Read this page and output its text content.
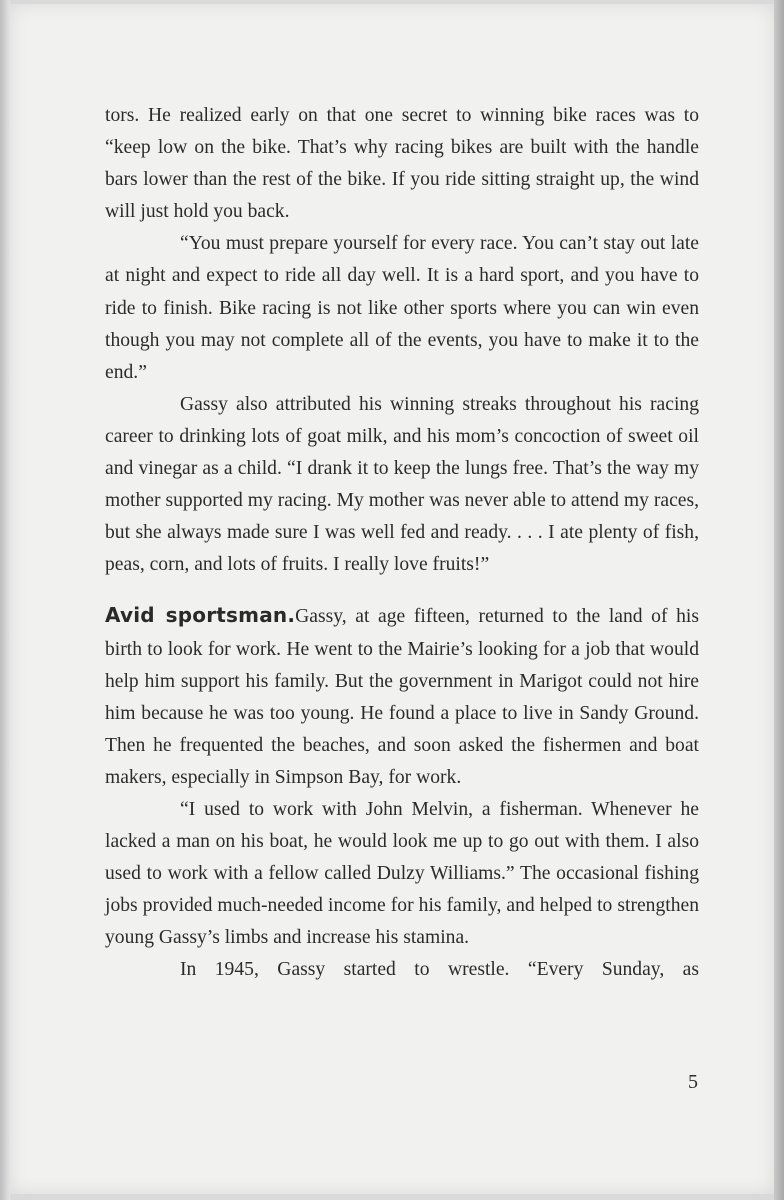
tors. He realized early on that one secret to winning bike races was to “keep low on the bike. That’s why racing bikes are built with the handle bars lower than the rest of the bike. If you ride sitting straight up, the wind will just hold you back.

“You must prepare yourself for every race. You can’t stay out late at night and expect to ride all day well. It is a hard sport, and you have to ride to finish. Bike racing is not like other sports where you can win even though you may not complete all of the events, you have to make it to the end.”

Gassy also attributed his winning streaks throughout his racing career to drinking lots of goat milk, and his mom’s concoction of sweet oil and vinegar as a child. “I drank it to keep the lungs free. That’s the way my mother supported my racing. My mother was never able to attend my races, but she always made sure I was well fed and ready. . . . I ate plenty of fish, peas, corn, and lots of fruits. I really love fruits!”

Avid sportsman.Gassy, at age fifteen, returned to the land of his birth to look for work. He went to the Mairie’s looking for a job that would help him support his family. But the government in Marigot could not hire him because he was too young. He found a place to live in Sandy Ground. Then he frequented the beaches, and soon asked the fishermen and boat makers, especially in Simpson Bay, for work.

“I used to work with John Melvin, a fisherman. Whenever he lacked a man on his boat, he would look me up to go out with them. I also used to work with a fellow called Dulzy Williams.” The occasional fishing jobs provided much-needed income for his family, and helped to strengthen young Gassy’s limbs and increase his stamina.

In 1945, Gassy started to wrestle. “Every Sunday, as

5
